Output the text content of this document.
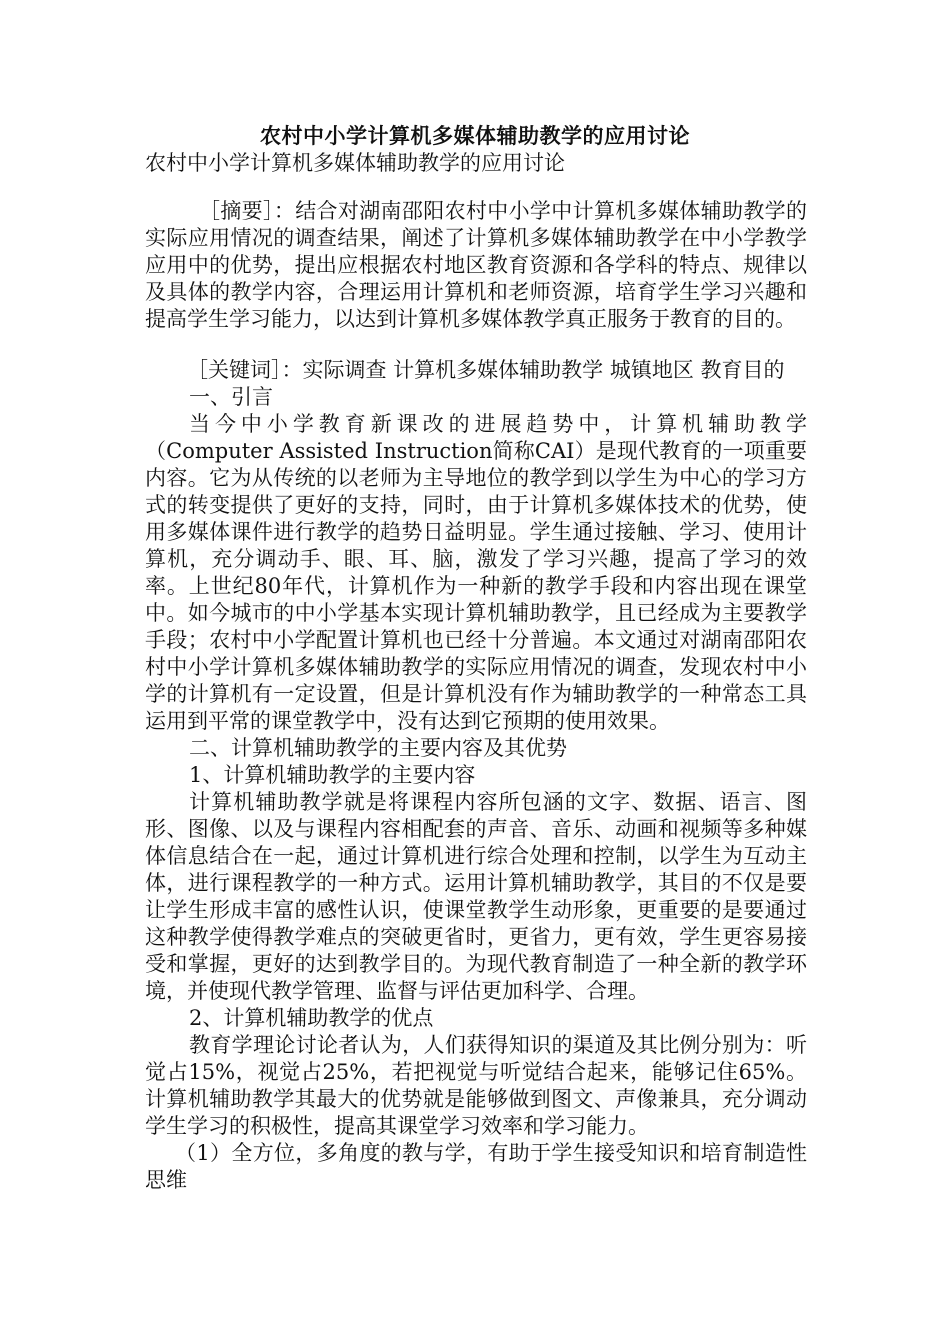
农村中小学计算机多媒体辅助教学的应用讨论

农村中小学计算机多媒体辅助教学的应用讨论

［摘要］：结合对湖南邵阳农村中小学中计算机多媒体辅助教学的实际应用情况的调查结果，阐述了计算机多媒体辅助教学在中小学教学应用中的优势，提出应根据农村地区教育资源和各学科的特点、规律以及具体的教学内容，合理运用计算机和老师资源，培育学生学习兴趣和提高学生学习能力，以达到计算机多媒体教学真正服务于教育的目的。

［关键词］：实际调查 计算机多媒体辅助教学 城镇地区 教育目的

一、引言

当今中小学教育新课改的进展趋势中，计算机辅助教学（Computer Assisted Instruction简称CAI）是现代教育的一项重要内容。它为从传统的以老师为主导地位的教学到以学生为中心的学习方式的转变提供了更好的支持，同时，由于计算机多媒体技术的优势，使用多媒体课件进行教学的趋势日益明显。学生通过接触、学习、使用计算机，充分调动手、眼、耳、脑，激发了学习兴趣，提高了学习的效率。上世纪80年代，计算机作为一种新的教学手段和内容出现在课堂中。如今城市的中小学基本实现计算机辅助教学，且已经成为主要教学手段；农村中小学配置计算机也已经十分普遍。本文通过对湖南邵阳农村中小学计算机多媒体辅助教学的实际应用情况的调查，发现农村中小学的计算机有一定设置，但是计算机没有作为辅助教学的一种常态工具运用到平常的课堂教学中，没有达到它预期的使用效果。

二、计算机辅助教学的主要内容及其优势

1、计算机辅助教学的主要内容

计算机辅助教学就是将课程内容所包涵的文字、数据、语言、图形、图像、以及与课程内容相配套的声音、音乐、动画和视频等多种媒体信息结合在一起，通过计算机进行综合处理和控制，以学生为互动主体，进行课程教学的一种方式。运用计算机辅助教学，其目的不仅是要让学生形成丰富的感性认识，使课堂教学生动形象，更重要的是要通过这种教学使得教学难点的突破更省时，更省力，更有效，学生更容易接受和掌握，更好的达到教学目的。为现代教育制造了一种全新的教学环境，并使现代教学管理、监督与评估更加科学、合理。

2、计算机辅助教学的优点

教育学理论讨论者认为，人们获得知识的渠道及其比例分别为：听觉占15%，视觉占25%，若把视觉与听觉结合起来，能够记住65%。计算机辅助教学其最大的优势就是能够做到图文、声像兼具，充分调动学生学习的积极性，提高其课堂学习效率和学习能力。

（1）全方位，多角度的教与学，有助于学生接受知识和培育制造性思维
